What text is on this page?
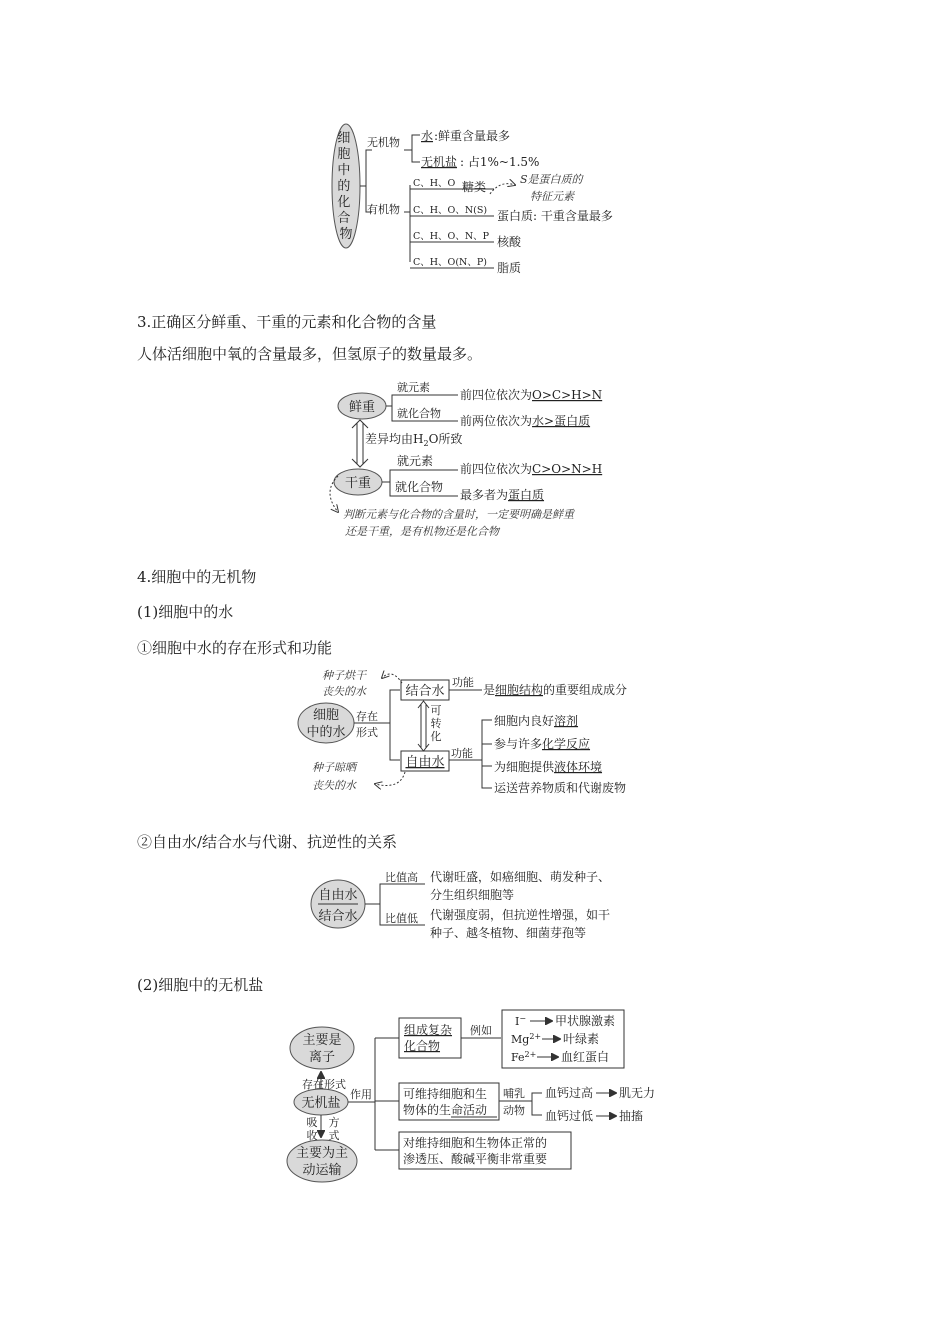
细 胞 中 的 化 合 物
无机物
有机物
水 :鲜重含量最多
无机盐 : 占1%~1.5%
C、H、O 糖类
C、H、O、N(S) 蛋白质: 干重含量最多
C、H、O、N、P 核酸
C、H、O(N、P) 脂质
S是蛋白质的
特征元素
3.正确区分鲜重、干重的元素和化合物的含量
人体活细胞中氧的含量最多，但氢原子的数量最多。
鲜重
干重
就元素
就化合物
就元素
就化合物
前四位依次为O>C>H>N
前两位依次为水>蛋白质
前四位依次为C>O>N>H
最多者为蛋白质
差异均由$H_2O$所致
判断元素与化合物的含量时，一定要明确是鲜重
还是干重，是有机物还是化合物
4.细胞中的无机物
(1)细胞中的水
①细胞中水的存在形式和功能
细胞中的水
存在形式
结合水
自由水
可转化
功能
是细胞结构的重要组成成分
功能
细胞内良好溶剂
参与许多化学反应
为细胞提供液体环境
运送营养物质和代谢废物
种子烘干丧失的水
种子晾晒丧失的水
②自由水/结合水与代谢、抗逆性的关系
自由水
结合水
比值高
比值低
代谢旺盛，如癌细胞、萌发种子、分生组织细胞等
代谢强度弱，但抗逆性增强，如干种子、越冬植物、细菌芽孢等
(2)细胞中的无机盐
主要是离子
无机盐
主要为主动运输
存在形式
吸收
方式
作用
组成复杂化合物
例如
I− 甲状腺激素
$Mg^{2+}$ 叶绿素
$Fe^{2+}$ 血红蛋白
可维持细胞和生物体的生命活动
哺乳动物
血钙过高 肌无力
血钙过低 抽搐
对维持细胞和生物体正常的渗透压、酸碱平衡非常重要
